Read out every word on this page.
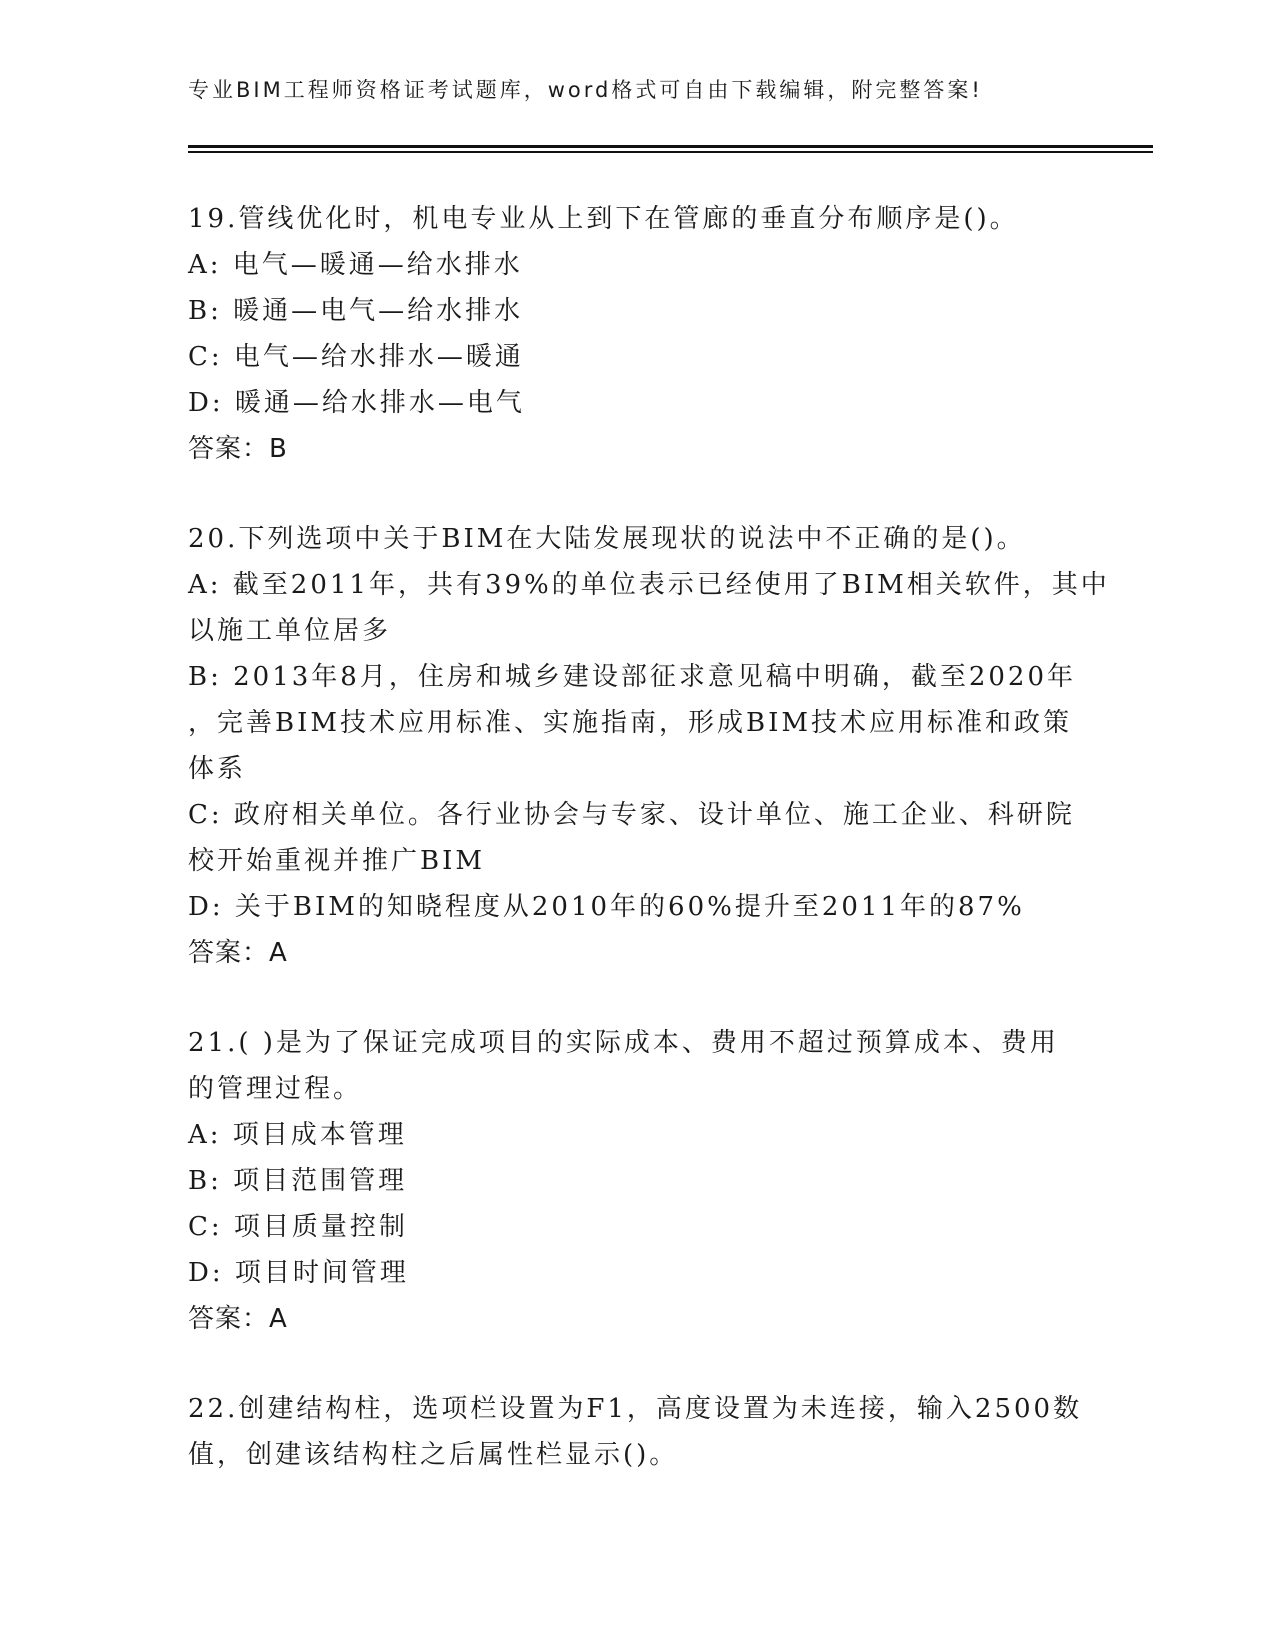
专业BIM工程师资格证考试题库，word格式可自由下载编辑，附完整答案!
19.管线优化时，机电专业从上到下在管廊的垂直分布顺序是()。
A: 电气—暖通—给水排水
B: 暖通—电气—给水排水
C: 电气—给水排水—暖通
D: 暖通—给水排水—电气
答案：B
20.下列选项中关于BIM在大陆发展现状的说法中不正确的是()。
A: 截至2011年，共有39%的单位表示已经使用了BIM相关软件，其中
以施工单位居多
B: 2013年8月，住房和城乡建设部征求意见稿中明确，截至2020年
，完善BIM技术应用标准、实施指南，形成BIM技术应用标准和政策
体系
C: 政府相关单位。各行业协会与专家、设计单位、施工企业、科研院
校开始重视并推广BIM
D: 关于BIM的知晓程度从2010年的60%提升至2011年的87%
答案：A
21.( )是为了保证完成项目的实际成本、费用不超过预算成本、费用
的管理过程。
A: 项目成本管理
B: 项目范围管理
C: 项目质量控制
D: 项目时间管理
答案：A
22.创建结构柱，选项栏设置为F1，高度设置为未连接，输入2500数
值，创建该结构柱之后属性栏显示()。
